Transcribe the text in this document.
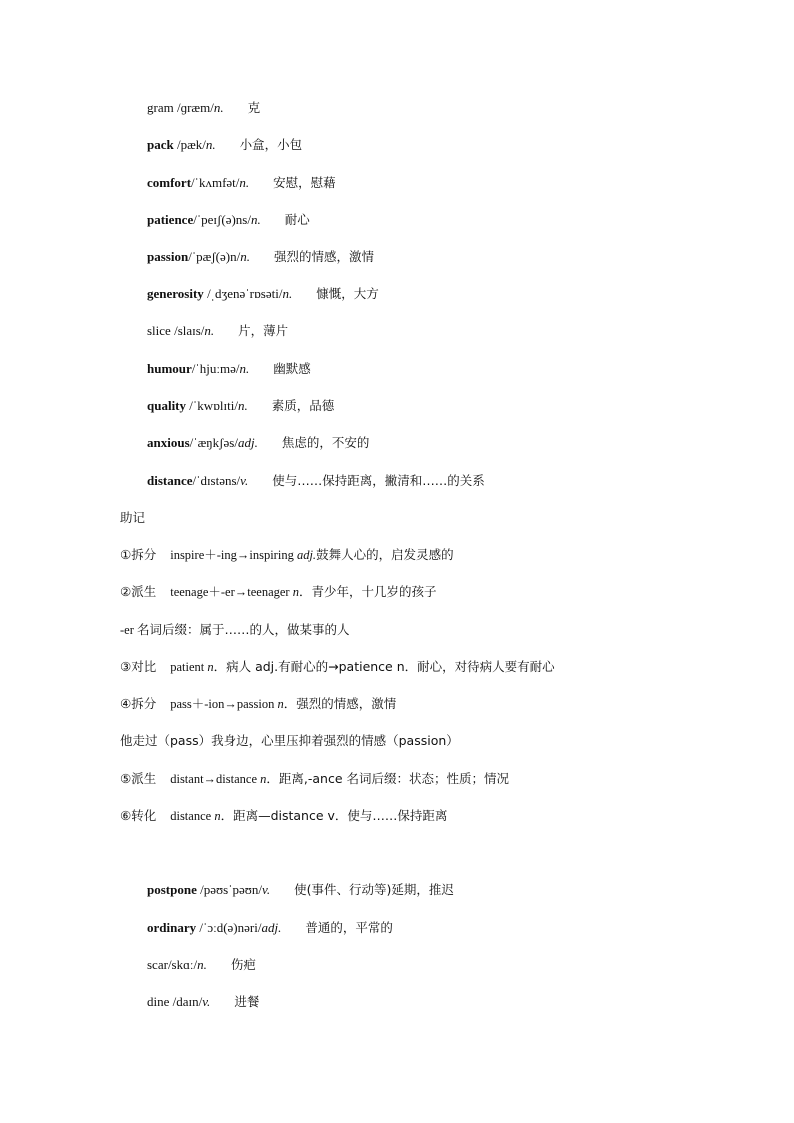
gram /ɡræm/n. 克
pack /pæk/n. 小盒，小包
comfort/ˈkʌmfət/n. 安慰，慰藉
patience/ˈpeɪʃ(ə)ns/n. 耐心
passion/ˈpæʃ(ə)n/n. 强烈的情感，激情
generosity /ˌdʒenəˈrɒsəti/n. 慷慨，大方
slice /slaɪs/n. 片，薄片
humour/ˈhjuːmə/n. 幽默感
quality /ˈkwɒlɪti/n. 素质，品德
anxious/ˈæŋkʃəs/adj. 焦虑的，不安的
distance/ˈdɪstəns/v. 使与……保持距离，撇清和……的关系
助记
①拆分 inspire＋-ing→inspiring adj.鼓舞人心的，启发灵感的
②派生 teenage＋-er→teenager n．青少年，十几岁的孩子
-er 名词后缀：属于……的人，做某事的人
③对比 patient n．病人 adj.有耐心的→patience n．耐心，对待病人要有耐心
④拆分 pass＋-ion→passion n．强烈的情感，激情
他走过（pass）我身边，心里压抑着强烈的情感（passion）
⑤派生 distant→distance n．距离,-ance 名词后缀：状态；性质；情况
⑥转化 distance n．距离—distance v．使与……保持距离
postpone /pəʊsˈpəʊn/v. 使(事件、行动等)延期，推迟
ordinary /ˈɔːd(ə)nəri/adj. 普通的，平常的
scar/skɑː/n. 伤疤
dine /daɪn/v. 进餐
